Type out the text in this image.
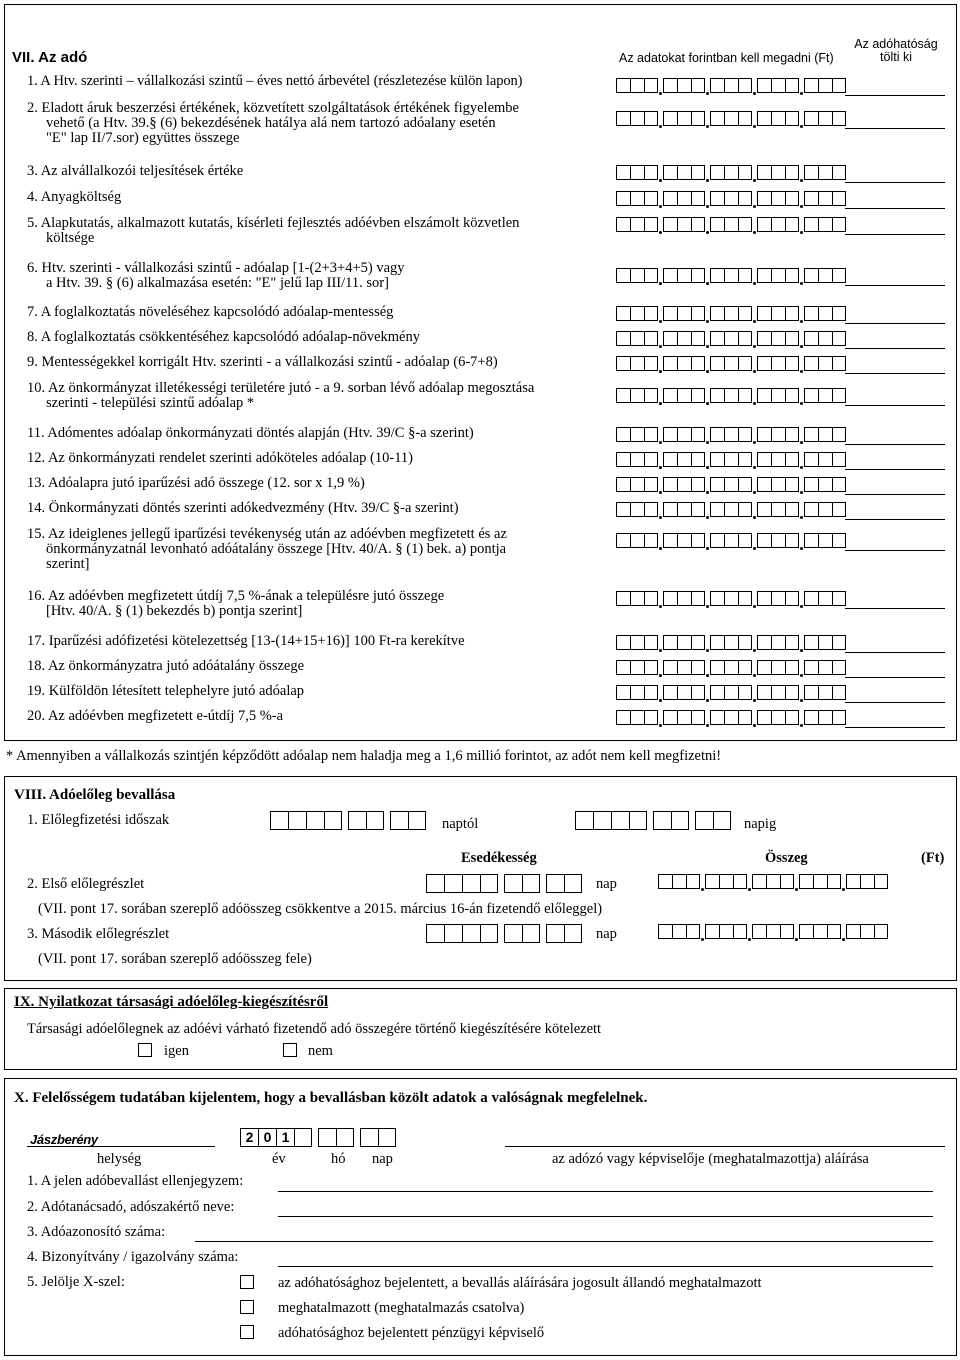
VII. Az adó	Az adatokat forintban kell megadni (Ft)
Az adóhatóság
tölti ki
1. A Htv. szerinti – vállalkozási szintű – éves nettó árbevétel (részletezése külön lapon)
2. Eladott áruk beszerzési értékének, közvetített szolgáltatások értékének figyelembe
vehető (a Htv. 39.§ (6) bekezdésének hatálya alá nem tartozó adóalany esetén
"E" lap II/7.sor) együttes összege
3. Az alvállalkozói teljesítések értéke
4. Anyagköltség
5. Alapkutatás, alkalmazott kutatás, kísérleti fejlesztés adóévben elszámolt közvetlen
költsége
6. Htv. szerinti - vállalkozási szintű - adóalap [1-(2+3+4+5) vagy
a Htv. 39. § (6) alkalmazása esetén: "E" jelű lap III/11. sor]
7. A foglalkoztatás növeléséhez kapcsolódó adóalap-mentesség
8. A foglalkoztatás csökkentéséhez kapcsolódó adóalap-növekmény
9. Mentességekkel korrigált Htv. szerinti - a vállalkozási szintű - adóalap (6-7+8)
10. Az önkormányzat illetékességi területére jutó - a 9. sorban lévő adóalap megosztása
szerinti - települési szintű adóalap *
11. Adómentes adóalap önkormányzati döntés alapján (Htv. 39/C §-a szerint)
12. Az önkormányzati rendelet szerinti adóköteles adóalap (10-11)
13. Adóalapra jutó iparűzési adó összege (12. sor x 1,9 %)
14. Önkormányzati döntés szerinti adókedvezmény (Htv. 39/C §-a szerint)
15. Az ideiglenes jellegű iparűzési tevékenység után az adóévben megfizetett és az
önkormányzatnál levonható adóátalány összege [Htv. 40/A. § (1) bek. a) pontja
szerint]
16. Az adóévben megfizetett útdíj 7,5 %-ának a településre jutó összege
[Htv. 40/A. § (1) bekezdés b) pontja szerint]
17. Iparűzési adófizetési kötelezettség [13-(14+15+16)] 100 Ft-ra kerekítve
18. Az önkormányzatra jutó adóátalány összege
19. Külföldön létesített telephelyre jutó adóalap
20. Az adóévben megfizetett e-útdíj 7,5 %-a
* Amennyiben a vállalkozás szintjén képződött adóalap nem haladja meg a 1,6 millió forintot, az adót nem kell megfizetni!
VIII. Adóelőleg bevallása
1. Előlegfizetési időszak	naptól	napig
Esedékesség	Összeg	(Ft)
2. Első előlegrészlet	nap
(VII. pont 17. sorában szereplő adóösszeg csökkentve a 2015. március 16-án fizetendő előleggel)
3. Második előlegrészlet	nap
(VII. pont 17. sorában szereplő adóösszeg fele)
IX. Nyilatkozat társasági adóelőleg-kiegészítésről
Társasági adóelőlegnek az adóévi várható fizetendő adó összegére történő kiegészítésére kötelezett
igen	nem
X. Felelősségem tudatában kijelentem, hogy a bevallásban közölt adatok a valóságnak megfelelnek.
Jászberény	2 0 1
helység	év	hó nap	az adózó vagy képviselője (meghatalmazottja) aláírása
1. A jelen adóbevallást ellenjegyzem:
2. Adótanácsadó, adószakértő neve:
3. Adóazonosító száma:
4. Bizonyítvány / igazolvány száma:
5. Jelölje X-szel:	az adóhatósághoz bejelentett, a bevallás aláírására jogosult állandó meghatalmazott
meghatalmazott (meghatalmazás csatolva)
adóhatósághoz bejelentett pénzügyi képviselő
